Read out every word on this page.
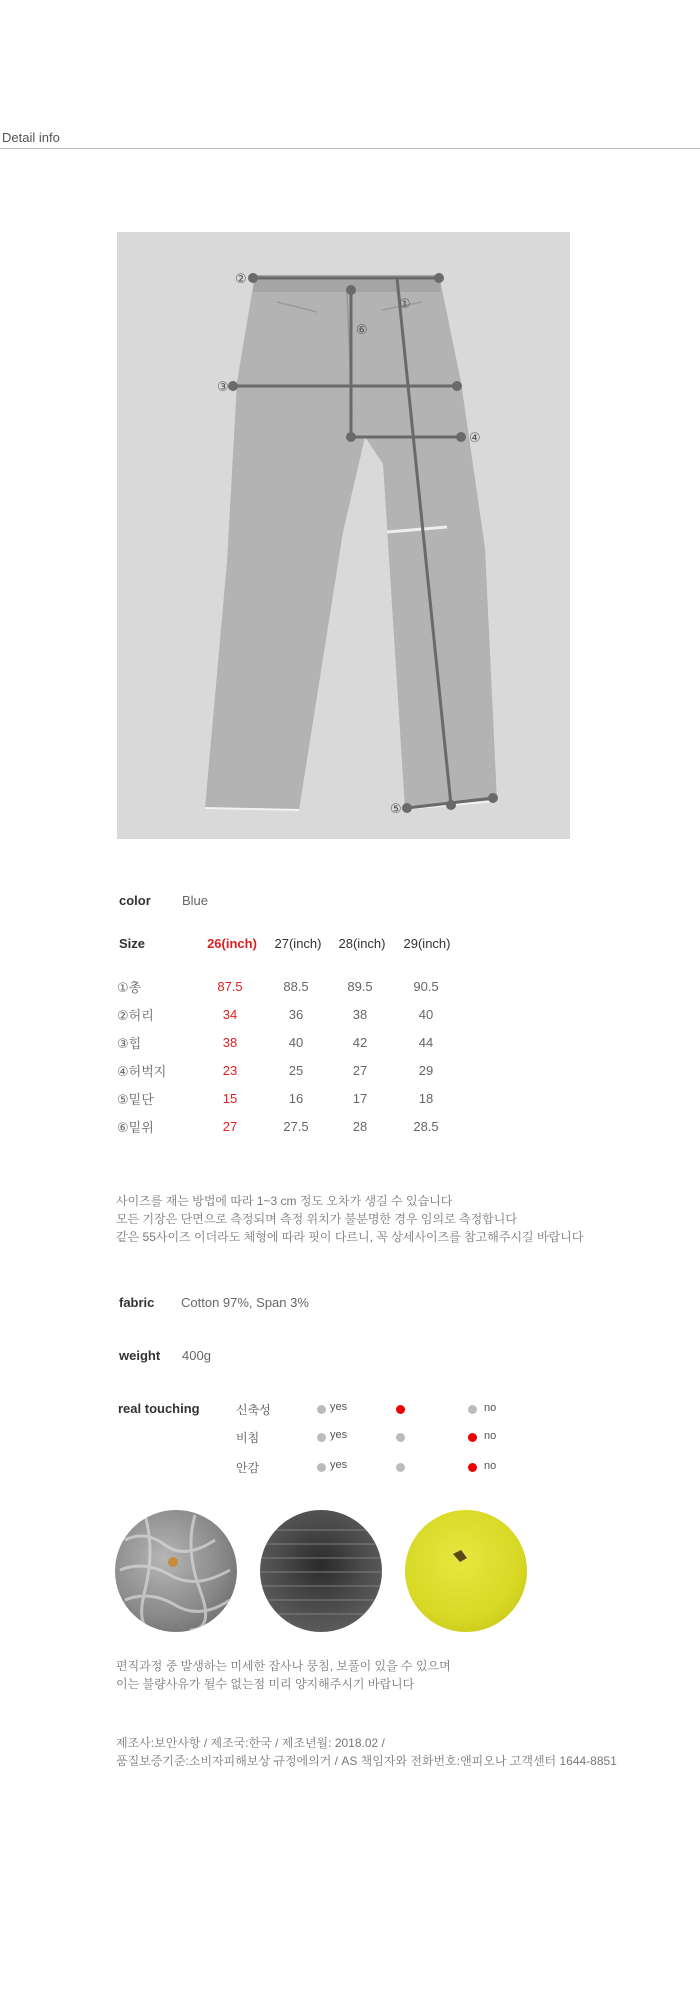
Detail info
①
②
③
④
⑤
⑥
color Blue
Size	26(inch)	27(inch)	28(inch)	29(inch)
①총	87.5	88.5	89.5	90.5
②허리	34	36	38	40
③힙	38	40	42	44
④허벅지	23	25	27	29
⑤밑단	15	16	17	18
⑥밑위	27	27.5	28	28.5
사이즈를 재는 방법에 따라 1~3 cm 정도 오차가 생길 수 있습니다
모든 기장은 단면으로 측정되며 측정 위치가 불분명한 경우 임의로 측정합니다
같은 55사이즈 이더라도 체형에 따라 핏이 다르니, 꼭 상세사이즈를 참고해주시길 바랍니다
fabric Cotton 97%, Span 3%
weight 400g
real touching	신축성	yes	no
비침	yes	no
안감	yes	no
편직과정 중 발생하는 미세한 잡사나 뭉침, 보풀이 있을 수 있으며
이는 불량사유가 될수 없는점 미리 양지해주시기 바랍니다
제조사:보안사항 / 제조국:한국 / 제조년월: 2018.02 /
품질보증기준:소비자피해보상 규정에의거 / AS 책임자와 전화번호:앤피오나 고객센터 1644-8851
